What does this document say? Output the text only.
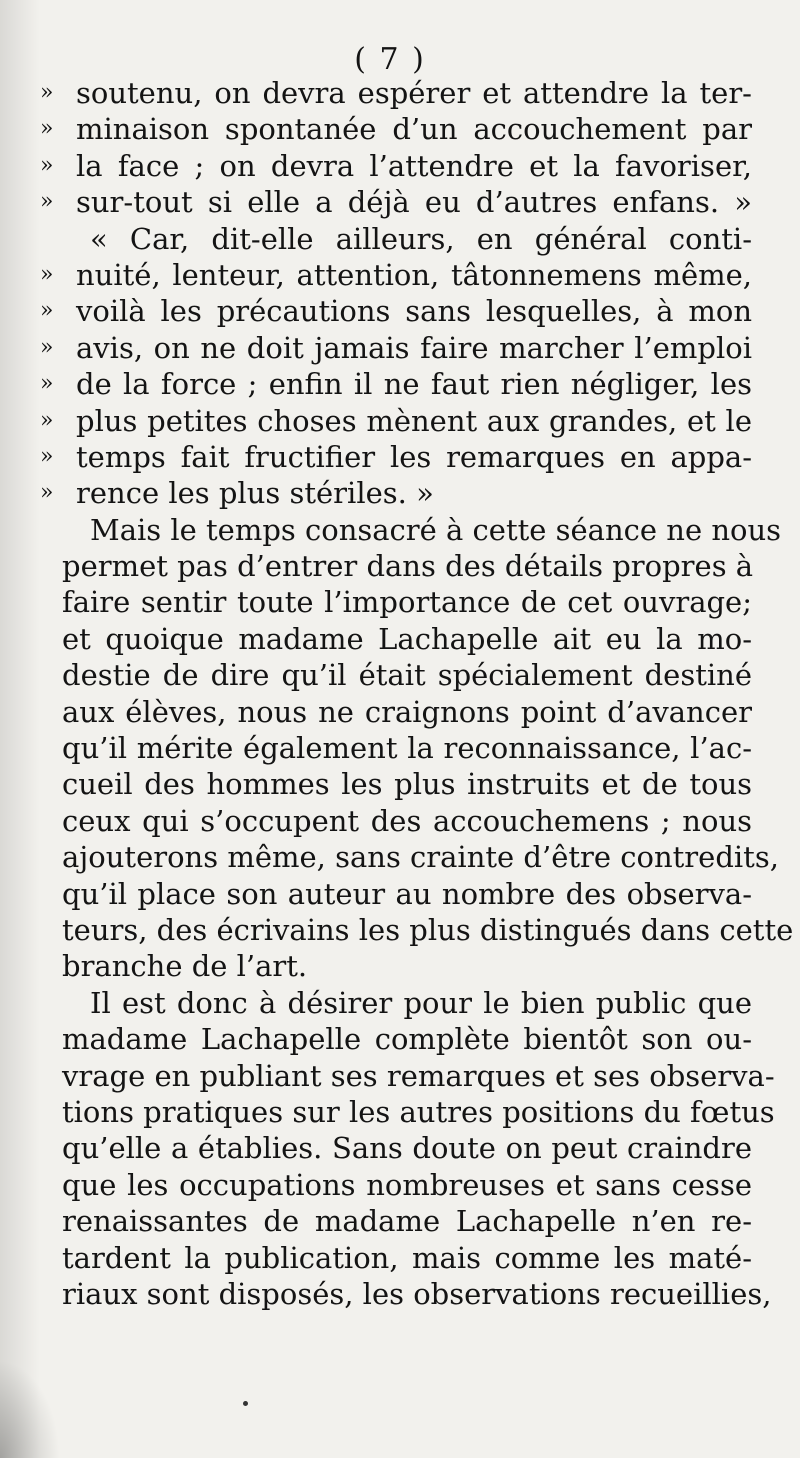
( 7 )
» soutenu, on devra espérer et attendre la ter-
» minaison spontanée d’un accouchement par
» la face ; on devra l’attendre et la favoriser,
» sur-tout si elle a déjà eu d’autres enfans. »
« Car, dit-elle ailleurs, en général conti-
» nuité, lenteur, attention, tâtonnemens même,
» voilà les précautions sans lesquelles, à mon
» avis, on ne doit jamais faire marcher l’emploi
» de la force ; enfin il ne faut rien négliger, les
» plus petites choses mènent aux grandes, et le
» temps fait fructifier les remarques en appa-
» rence les plus stériles. »
Mais le temps consacré à cette séance ne nous
permet pas d’entrer dans des détails propres à
faire sentir toute l’importance de cet ouvrage;
et quoique madame Lachapelle ait eu la mo-
destie de dire qu’il était spécialement destiné
aux élèves, nous ne craignons point d’avancer
qu’il mérite également la reconnaissance, l’ac-
cueil des hommes les plus instruits et de tous
ceux qui s’occupent des accouchemens ; nous
ajouterons même, sans crainte d’être contredits,
qu’il place son auteur au nombre des observa-
teurs, des écrivains les plus distingués dans cette
branche de l’art.
Il est donc à désirer pour le bien public que
madame Lachapelle complète bientôt son ou-
vrage en publiant ses remarques et ses observa-
tions pratiques sur les autres positions du fœtus
qu’elle a établies. Sans doute on peut craindre
que les occupations nombreuses et sans cesse
renaissantes de madame Lachapelle n’en re-
tardent la publication, mais comme les maté-
riaux sont disposés, les observations recueillies,
